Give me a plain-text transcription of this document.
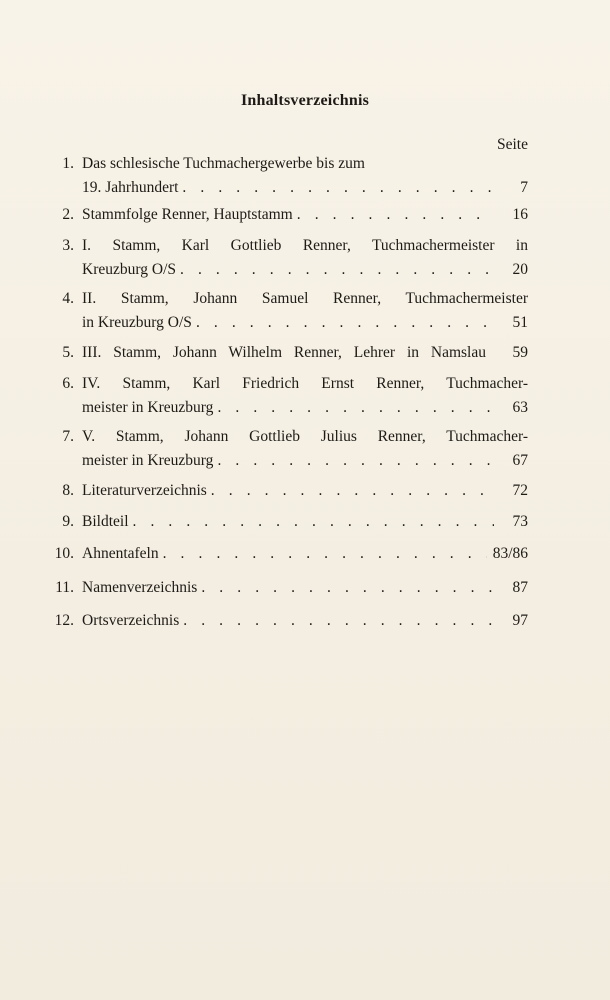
Inhaltsverzeichnis
Seite
1. Das schlesische Tuchmachergewerbe bis zum
19. Jahrhundert . . .	7
2. Stammfolge Renner, Hauptstamm . . .	16
3. I. Stamm, Karl Gottlieb Renner, Tuchmachermeister in
Kreuzburg O/S . . .	20
4. II. Stamm, Johann Samuel Renner, Tuchmachermeister
in Kreuzburg O/S . . .	51
5. III. Stamm, Johann Wilhelm Renner, Lehrer in Namslau	59
6. IV. Stamm, Karl Friedrich Ernst Renner, Tuchmacher-
meister in Kreuzburg . . .	63
7. V. Stamm, Johann Gottlieb Julius Renner, Tuchmacher-
meister in Kreuzburg . . .	67
8. Literaturverzeichnis . . .	72
9. Bildteil . . .	73
10. Ahnentafeln . . .	83/86
11. Namenverzeichnis . . .	87
12. Ortsverzeichnis . . .	97
